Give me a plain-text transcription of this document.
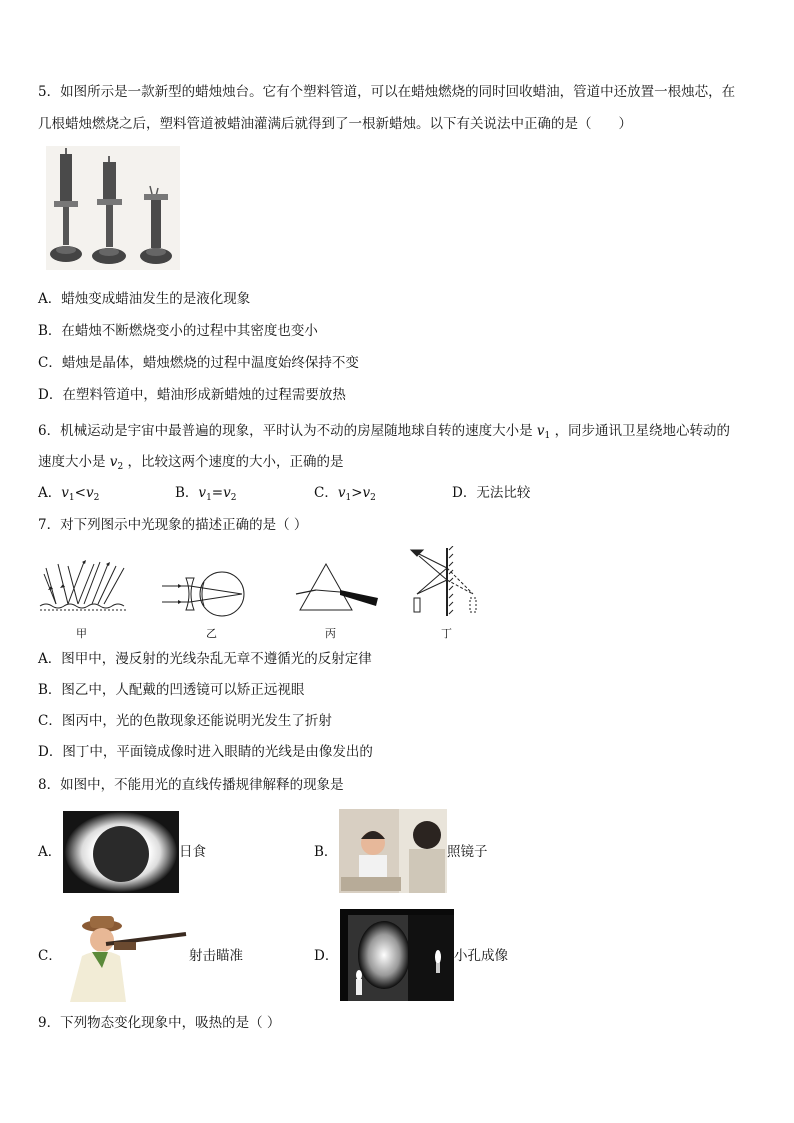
5．如图所示是一款新型的蜡烛烛台。它有个塑料管道，可以在蜡烛燃烧的同时回收蜡油，管道中还放置一根烛芯，在
几根蜡烛燃烧之后，塑料管道被蜡油灌满后就得到了一根新蜡烛。以下有关说法中正确的是（　　）
A．蜡烛变成蜡油发生的是液化现象
B．在蜡烛不断燃烧变小的过程中其密度也变小
C．蜡烛是晶体，蜡烛燃烧的过程中温度始终保持不变
D．在塑料管道中，蜡油形成新蜡烛的过程需要放热
6．机械运动是宇宙中最普遍的现象，平时认为不动的房屋随地球自转的速度大小是 $v_1$ ，同步通讯卫星绕地心转动的
速度大小是 $v_2$ ，比较这两个速度的大小，正确的是
A．$v_1<v_2$	B．$v_1=v_2$	C．$v_1>v_2$	D．无法比较
7．对下列图示中光现象的描述正确的是（ ）
甲	乙	丙	丁
A．图甲中，漫反射的光线杂乱无章不遵循光的反射定律
B．图乙中，人配戴的凹透镜可以矫正远视眼
C．图丙中，光的色散现象还能说明光发生了折射
D．图丁中，平面镜成像时进入眼睛的光线是由像发出的
8．如图中，不能用光的直线传播规律解释的现象是
A．	日食	B．	照镜子
C．	射击瞄准	D．	小孔成像
9．下列物态变化现象中，吸热的是（ ）
